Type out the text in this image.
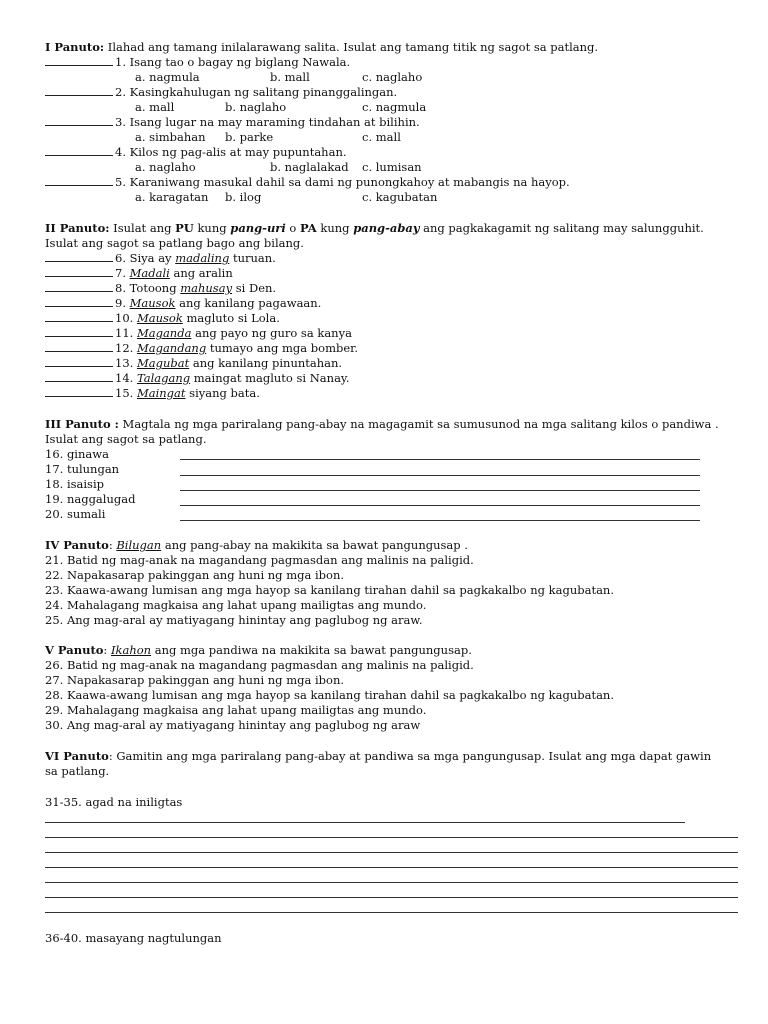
I Panuto: Ilahad ang tamang inilalarawang salita. Isulat ang tamang titik ng sagot sa patlang.
1. Isang tao o bagay ng biglang Nawala.
a. nagmula	b. mall	c. naglaho
2. Kasingkahulugan ng salitang pinanggalingan.
a. mall	b. naglaho	c. nagmula
3. Isang lugar na may maraming tindahan at bilihin.
a. simbahan b. parke	c. mall
4. Kilos ng pag-alis at may pupuntahan.
a. naglaho	b. naglalakad c. lumisan
5. Karaniwang masukal dahil sa dami ng punongkahoy at mabangis na hayop.
a. karagatan b. ilog	c. kagubatan
II Panuto: Isulat ang PU kung pang-uri o PA kung pang-abay ang pagkakagamit ng salitang may salungguhit.
Isulat ang sagot sa patlang bago ang bilang.
6. Siya ay madaling turuan.
7. Madali ang aralin
8. Totoong mahusay si Den.
9. Mausok ang kanilang pagawaan.
10. Mausok magluto si Lola.
11. Maganda ang payo ng guro sa kanya
12. Magandang tumayo ang mga bomber.
13. Magubat ang kanilang pinuntahan.
14. Talagang maingat magluto si Nanay.
15. Maingat siyang bata.
III Panuto : Magtala ng mga pariralang pang-abay na magagamit sa sumusunod na mga salitang kilos o pandiwa .
Isulat ang sagot sa patlang.
16. ginawa
17. tulungan
18. isaisip
19. naggalugad
20. sumali
IV Panuto: Bilugan ang pang-abay na makikita sa bawat pangungusap .
21. Batid ng mag-anak na magandang pagmasdan ang malinis na paligid.
22. Napakasarap pakinggan ang huni ng mga ibon.
23. Kaawa-awang lumisan ang mga hayop sa kanilang tirahan dahil sa pagkakalbo ng kagubatan.
24. Mahalagang magkaisa ang lahat upang mailigtas ang mundo.
25. Ang mag-aral ay matiyagang hinintay ang paglubog ng araw.
V Panuto: Ikahon ang mga pandiwa na makikita sa bawat pangungusap.
26. Batid ng mag-anak na magandang pagmasdan ang malinis na paligid.
27. Napakasarap pakinggan ang huni ng mga ibon.
28. Kaawa-awang lumisan ang mga hayop sa kanilang tirahan dahil sa pagkakalbo ng kagubatan.
29. Mahalagang magkaisa ang lahat upang mailigtas ang mundo.
30. Ang mag-aral ay matiyagang hinintay ang paglubog ng araw
VI Panuto: Gamitin ang mga pariralang pang-abay at pandiwa sa mga pangungusap. Isulat ang mga dapat gawin
sa patlang.
31-35. agad na iniligtas
36-40. masayang nagtulungan
